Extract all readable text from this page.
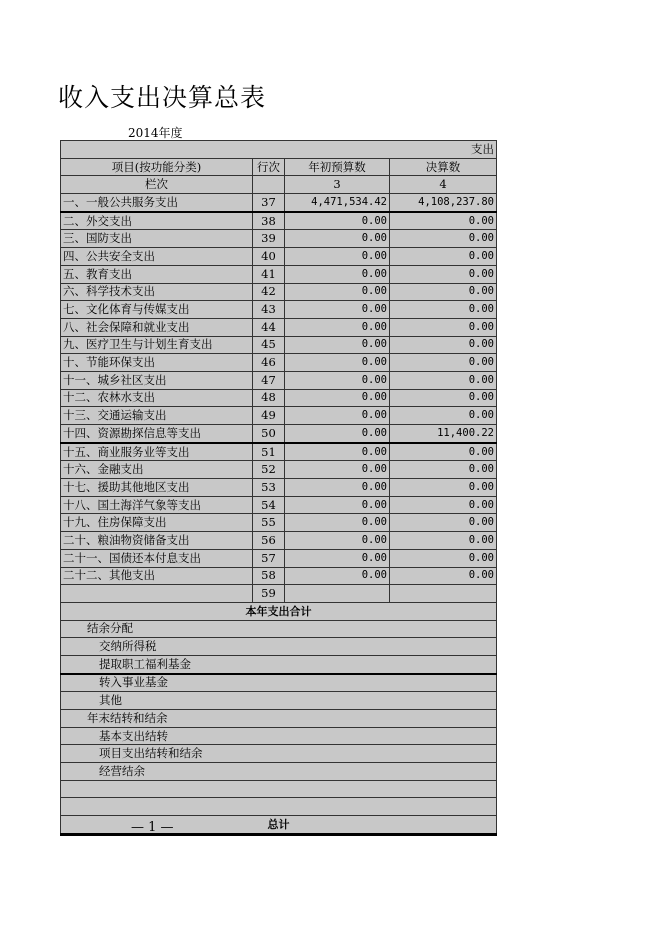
收入支出决算总表
2014年度
支出			
项目(按功能分类)	行次	年初预算数	决算数
栏次		3	4
一、一般公共服务支出	37	4,471,534.42	4,108,237.80
二、外交支出	38	0.00	0.00
三、国防支出	39	0.00	0.00
四、公共安全支出	40	0.00	0.00
五、教育支出	41	0.00	0.00
六、科学技术支出	42	0.00	0.00
七、文化体育与传媒支出	43	0.00	0.00
八、社会保障和就业支出	44	0.00	0.00
九、医疗卫生与计划生育支出	45	0.00	0.00
十、节能环保支出	46	0.00	0.00
十一、城乡社区支出	47	0.00	0.00
十二、农林水支出	48	0.00	0.00
十三、交通运输支出	49	0.00	0.00
十四、资源勘探信息等支出	50	0.00	11,400.22
十五、商业服务业等支出	51	0.00	0.00
十六、金融支出	52	0.00	0.00
十七、援助其他地区支出	53	0.00	0.00
十八、国土海洋气象等支出	54	0.00	0.00
十九、住房保障支出	55	0.00	0.00
二十、粮油物资储备支出	56	0.00	0.00
二十一、国债还本付息支出	57	0.00	0.00
二十二、其他支出	58	0.00	0.00
	59		
本年支出合计			
结余分配			
交纳所得税			
提取职工福利基金			
转入事业基金			
其他			
年末结转和结余			
基本支出结转			
项目支出结转和结余			
经营结余			

总计			
— 1 —
